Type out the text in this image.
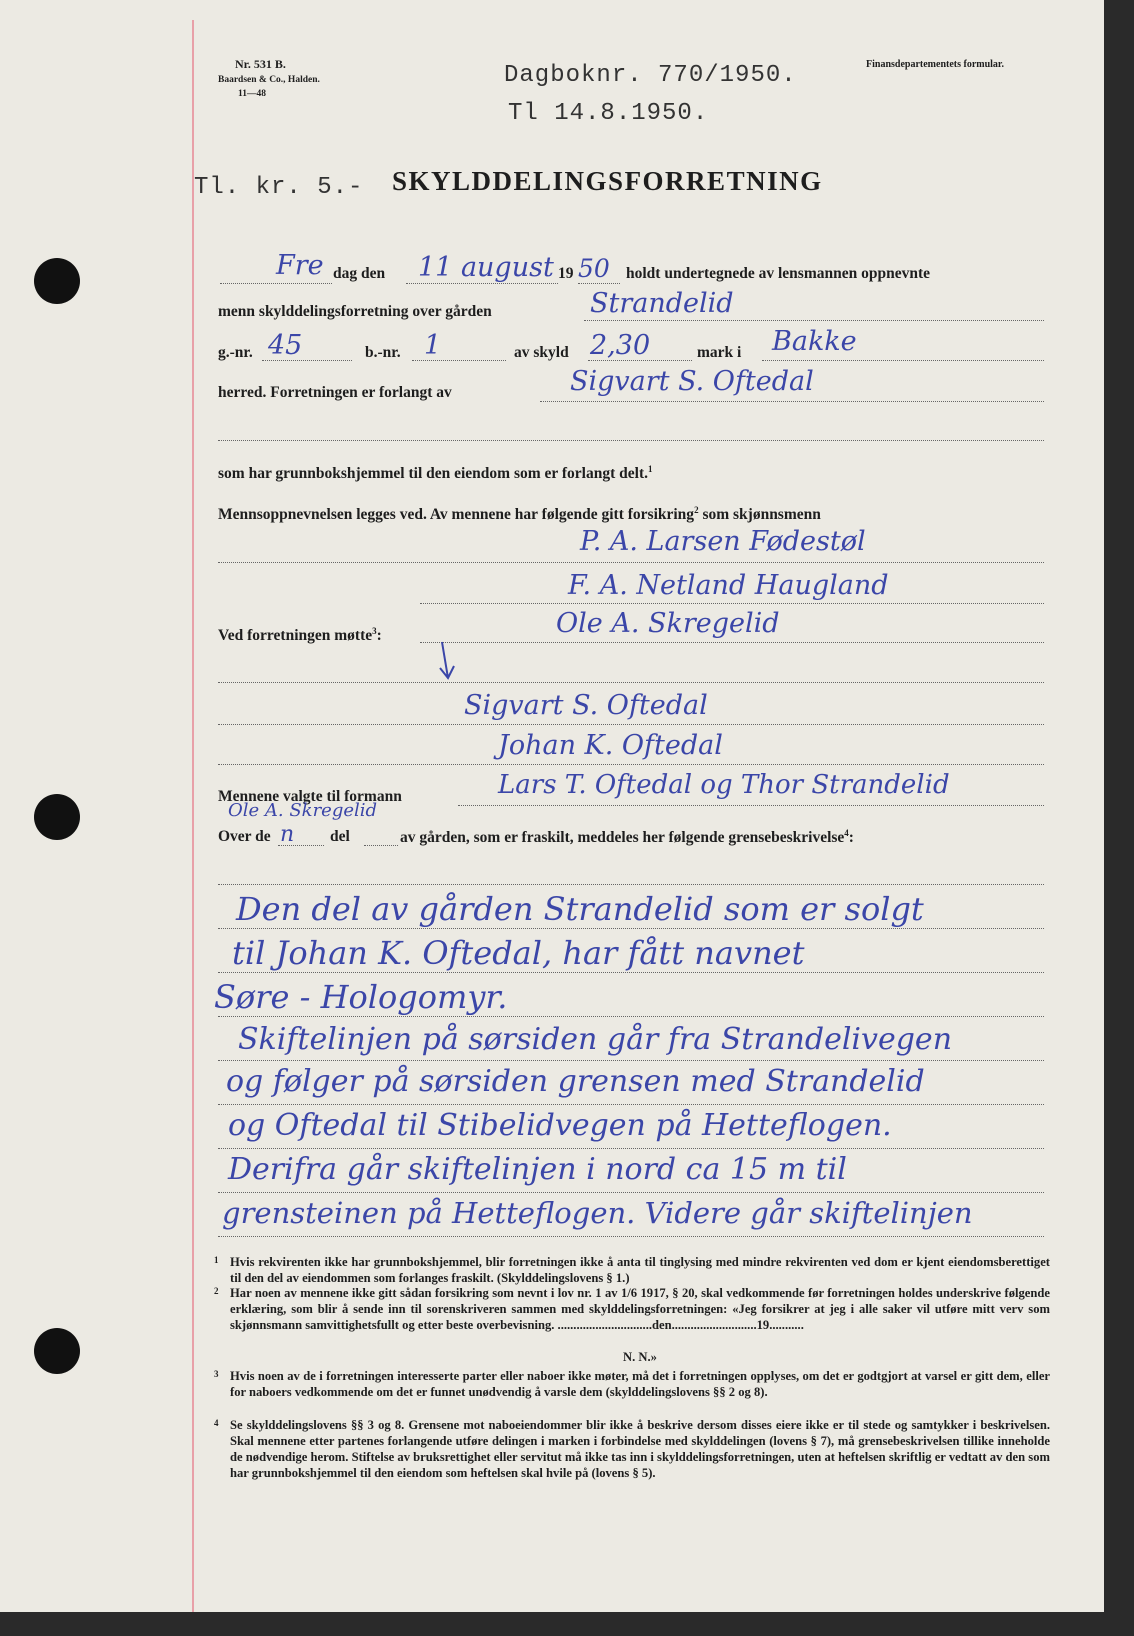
Nr. 531 B.
Baardsen & Co., Halden.
11—48
Dagboknr. 770/1950.
Tl 14.8.1950.
Finansdepartementets formular.
Tl. kr. 5.- SKYLDDELINGSFORRETNING
Fre dag den 11 august 19 50 holdt undertegnede av lensmannen oppnevnte
menn skylddelingsforretning over gården	Strandelid
g.-nr. 45	b.-nr. 1	av skyld 2,30	mark i Bakke
herred. Forretningen er forlangt av	Sigvart S. Oftedal
som har grunnbokshjemmel til den eiendom som er forlangt delt.$^1$
Mennsoppnevnelsen legges ved. Av mennene har følgende gitt forsikring$^2$ som skjønnsmenn
P. A. Larsen Fødestøl
F. A. Netland Haugland
Ved forretningen møtte$^3$:	Ole A. Skregelid
Sigvart S. Oftedal
Johan K. Oftedal
Mennene valgte til formann	Lars T. Oftedal og Thor Strandelid
Ole A. Skregelid
Over de n del	av gården, som er fraskilt, meddeles her følgende grensebeskrivelse$^4$:
Den del av gården Strandelid som er solgt
til Johan K. Oftedal, har fått navnet
Søre - Hologomyr.
Skiftelinjen på sørsiden går fra Strandelivegen
og følger på sørsiden grensen med Strandelid
og Oftedal til Stibelidvegen på Hetteflogen.
Derifra går skiftelinjen i nord ca 15 m til
grensteinen på Hetteflogen. Videre går skiftelinjen
1 Hvis rekvirenten ikke har grunnbokshjemmel, blir forretningen ikke å anta til tinglysing med mindre rekvirenten ved dom er kjent eiendomsberettiget til den del av eiendommen som forlanges fraskilt. (Skylddelingslovens § 1.)
2 Har noen av mennene ikke gitt sådan forsikring som nevnt i lov nr. 1 av 1/6 1917, § 20, skal vedkommende før forretningen holdes underskrive følgende erklæring, som blir å sende inn til sorenskriveren sammen med skylddelingsforretningen: «Jeg forsikrer at jeg i alle saker vil utføre mitt verv som skjønnsmann samvittighetsfullt og etter beste overbevisning. ..............................den...........................19...........
N. N.»
3 Hvis noen av de i forretningen interesserte parter eller naboer ikke møter, må det i forretningen opplyses, om det er godtgjort at varsel er gitt dem, eller for naboers vedkommende om det er funnet unødvendig å varsle dem (skylddelingslovens §§ 2 og 8).
4 Se skylddelingslovens §§ 3 og 8. Grensene mot naboeiendommer blir ikke å beskrive dersom disses eiere ikke er til stede og samtykker i beskrivelsen. Skal mennene etter partenes forlangende utføre delingen i marken i forbindelse med skylddelingen (lovens § 7), må grensebeskrivelsen tillike inneholde de nødvendige herom. Stiftelse av bruksrettighet eller servitut må ikke tas inn i skylddelingsforretningen, uten at heftelsen skriftlig er vedtatt av den som har grunnbokshjemmel til den eiendom som heftelsen skal hvile på (lovens § 5).
